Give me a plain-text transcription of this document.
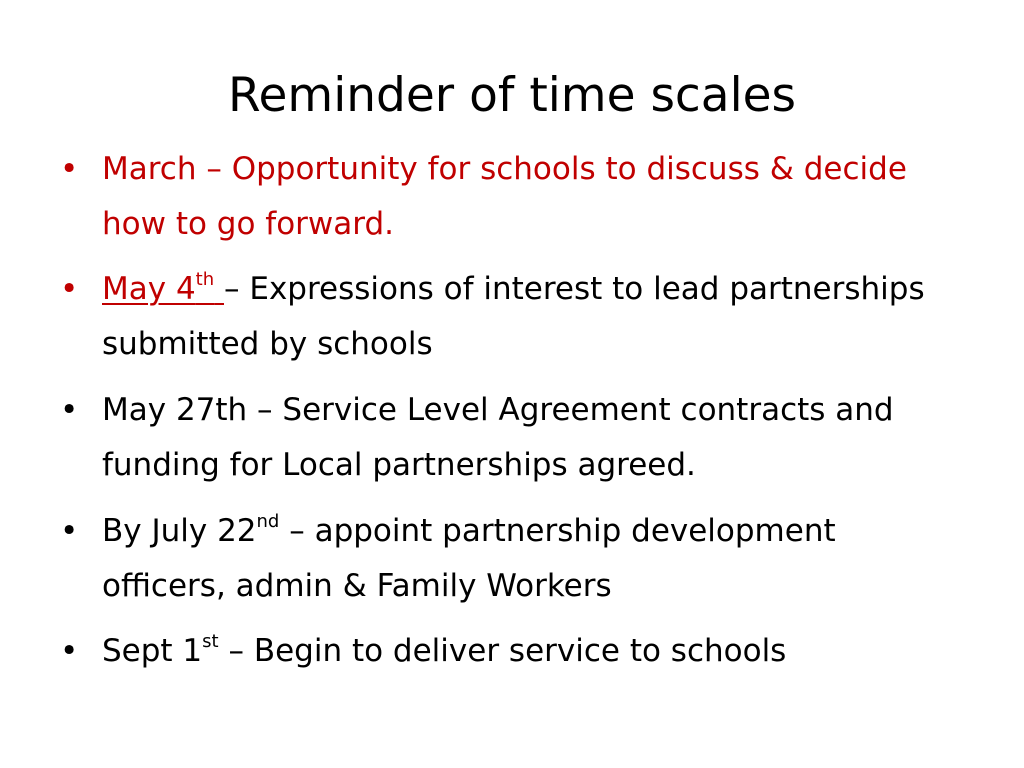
Reminder of time scales
• March – Opportunity for schools to discuss & decide how to go forward.
• May 4th – Expressions of interest to lead partnerships submitted by schools
• May 27th – Service Level Agreement contracts and funding for Local partnerships agreed.
• By July 22nd – appoint partnership development officers, admin & Family Workers
• Sept 1st – Begin to deliver service to schools
